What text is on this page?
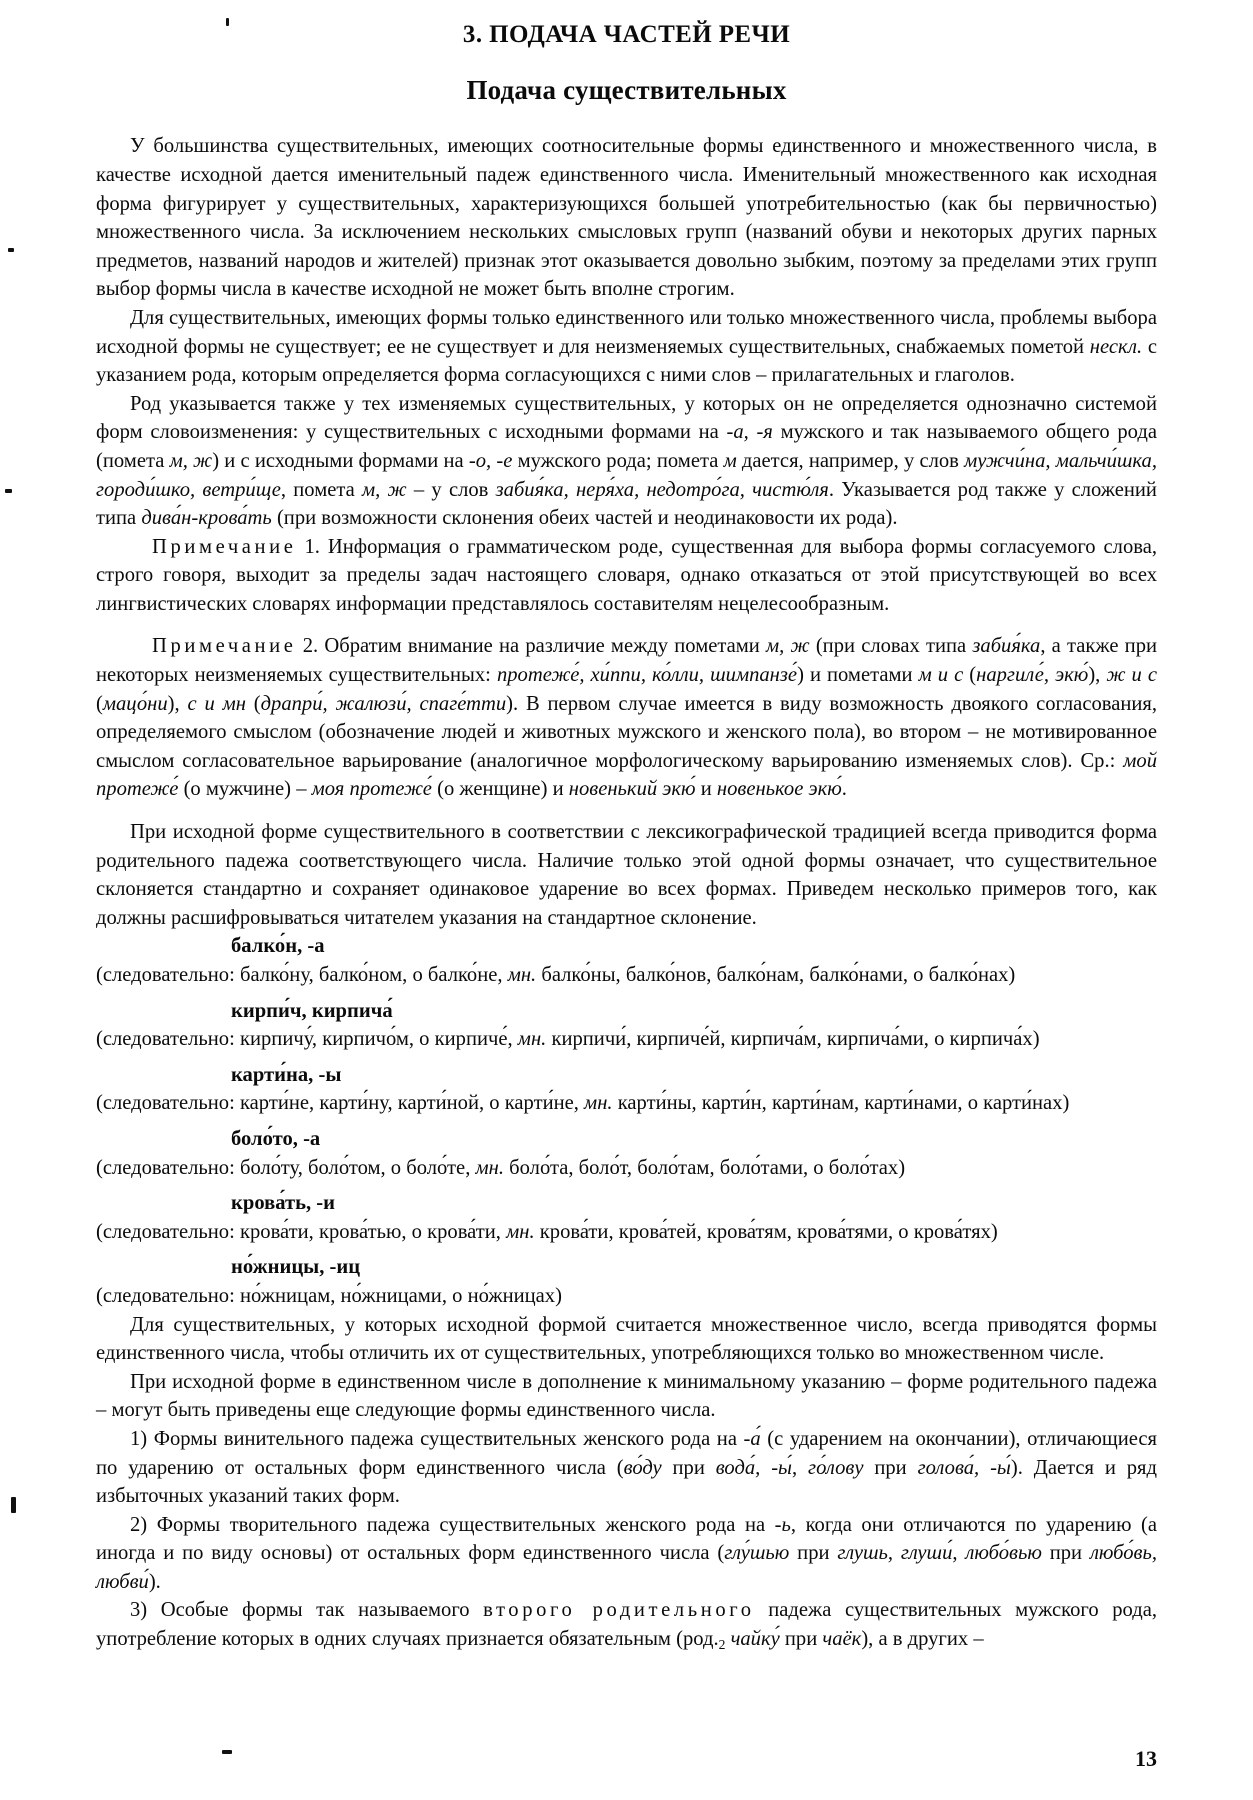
3. ПОДАЧА ЧАСТЕЙ РЕЧИ
Подача существительных

У большинства существительных, имеющих соотносительные формы единственного и множественного числа, в качестве исходной дается именительный падеж единственного числа. Именительный множественного как исходная форма фигурирует у существительных, характеризующихся большей употребительностью (как бы первичностью) множественного числа. За исключением нескольких смысловых групп (названий обуви и некоторых других парных предметов, названий народов и жителей) признак этот оказывается довольно зыбким, поэтому за пределами этих групп выбор формы числа в качестве исходной не может быть вполне строгим.

Для существительных, имеющих формы только единственного или только множественного числа, проблемы выбора исходной формы не существует; ее не существует и для неизменяемых существительных, снабжаемых пометой нескл. с указанием рода, которым определяется форма согласующихся с ними слов – прилагательных и глаголов.

Род указывается также у тех изменяемых существительных, у которых он не определяется однозначно системой форм словоизменения: у существительных с исходными формами на -а, -я мужского и так называемого общего рода (помета м, ж) и с исходными формами на -о, -е мужского рода; помета м дается, например, у слов мужчи́на, мальчи́шка, городи́шко, ветри́ще, помета м, ж – у слов забия́ка, неря́ха, недотро́га, чистю́ля. Указывается род также у сложений типа дива́н-крова́ть (при возможности склонения обеих частей и неодинаковости их рода).

Примечание 1. Информация о грамматическом роде, существенная для выбора формы согласуемого слова, строго говоря, выходит за пределы задач настоящего словаря, однако отказаться от этой присутствующей во всех лингвистических словарях информации представлялось составителям нецелесообразным.

Примечание 2. Обратим внимание на различие между пометами м, ж (при словах типа забия́ка, а также при некоторых неизменяемых существительных: протеже́, хи́ппи, ко́лли, шимпанзе́) и пометами м и с (наргиле́, экю́), ж и с (мацо́ни), с и мн (драпри́, жалюзи́, спаге́тти). В первом случае имеется в виду возможность двоякого согласования, определяемого смыслом (обозначение людей и животных мужского и женского пола), во втором – не мотивированное смыслом согласовательное варьирование (аналогичное морфологическому варьированию изменяемых слов). Ср.: мой протеже́ (о мужчине) – моя протеже́ (о женщине) и новенький экю́ и новенькое экю́.

При исходной форме существительного в соответствии с лексикографической традицией всегда приводится форма родительного падежа соответствующего числа. Наличие только этой одной формы означает, что существительное склоняется стандартно и сохраняет одинаковое ударение во всех формах. Приведем несколько примеров того, как должны расшифровываться читателем указания на стандартное склонение.

балко́н, -а

(следовательно: балко́ну, балко́ном, о балко́не, мн. балко́ны, балко́нов, балко́нам, балко́нами, о балко́нах)

кирпи́ч, кирпича́

(следовательно: кирпичу́, кирпичо́м, о кирпиче́, мн. кирпичи́, кирпиче́й, кирпича́м, кирпича́ми, о кирпича́х)

карти́на, -ы

(следовательно: карти́не, карти́ну, карти́ной, о карти́не, мн. карти́ны, карти́н, карти́нам, карти́нами, о карти́нах)

боло́то, -а

(следовательно: боло́ту, боло́том, о боло́те, мн. боло́та, боло́т, боло́там, боло́тами, о боло́тах)

крова́ть, -и

(следовательно: крова́ти, крова́тью, о крова́ти, мн. крова́ти, крова́тей, крова́тям, крова́тями, о крова́тях)

но́жницы, -иц

(следовательно: но́жницам, но́жницами, о но́жницах)

Для существительных, у которых исходной формой считается множественное число, всегда приводятся формы единственного числа, чтобы отличить их от существительных, употребляющихся только во множественном числе.

При исходной форме в единственном числе в дополнение к минимальному указанию – форме родительного падежа – могут быть приведены еще следующие формы единственного числа.

1) Формы винительного падежа существительных женского рода на -а́ (с ударением на окончании), отличающиеся по ударению от остальных форм единственного числа (во́ду при вода́, -ы́, го́лову при голова́, -ы́). Дается и ряд избыточных указаний таких форм.

2) Формы творительного падежа существительных женского рода на -ь, когда они отличаются по ударению (а иногда и по виду основы) от остальных форм единственного числа (глу́шью при глушь, глуши́, любо́вью при любо́вь, любви́).

3) Особые формы так называемого второго родительного падежа существительных мужского рода, употребление которых в одних случаях признается обязательным ($род._2$ чайку́ при чаёк), а в других –

13
